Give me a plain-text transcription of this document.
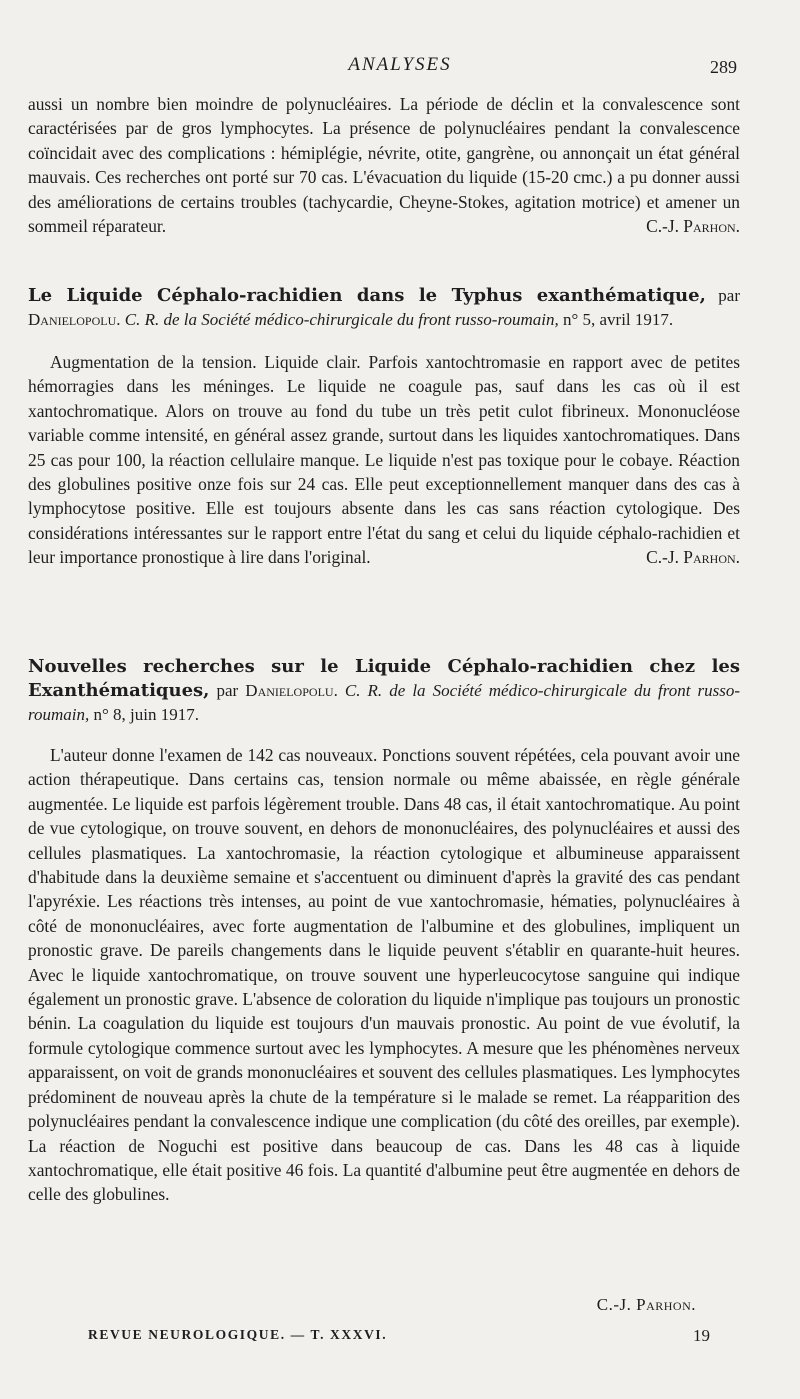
ANALYSES	289

aussi un nombre bien moindre de polynucléaires. La période de déclin et la convalescence sont caractérisées par de gros lymphocytes. La présence de polynucléaires pendant la convalescence coïncidait avec des complications : hémiplégie, névrite, otite, gangrène, ou annonçait un état général mauvais. Ces recherches ont porté sur 70 cas. L'évacuation du liquide (15-20 cmc.) a pu donner aussi des améliorations de certains troubles (tachycardie, Cheyne-Stokes, agitation motrice) et amener un sommeil réparateur.	C.-J. Parhon.

Le Liquide Céphalo-rachidien dans le Typhus exanthématique, par Danielopolu. C. R. de la Société médico-chirurgicale du front russo-roumain, n° 5, avril 1917.

Augmentation de la tension. Liquide clair. Parfois xantochtromasie en rapport avec de petites hémorragies dans les méninges. Le liquide ne coagule pas, sauf dans les cas où il est xantochromatique. Alors on trouve au fond du tube un très petit culot fibrineux. Mononucléose variable comme intensité, en général assez grande, surtout dans les liquides xantochromatiques. Dans 25 cas pour 100, la réaction cellulaire manque. Le liquide n'est pas toxique pour le cobaye. Réaction des globulines positive onze fois sur 24 cas. Elle peut exceptionnellement manquer dans des cas à lymphocytose positive. Elle est toujours absente dans les cas sans réaction cytologique. Des considérations intéressantes sur le rapport entre l'état du sang et celui du liquide céphalo-rachidien et leur importance pronostique à lire dans l'original.	C.-J. Parhon.

Nouvelles recherches sur le Liquide Céphalo-rachidien chez les Exanthématiques, par Danielopolu. C. R. de la Société médico-chirurgicale du front russo-roumain, n° 8, juin 1917.

L'auteur donne l'examen de 142 cas nouveaux. Ponctions souvent répétées, cela pouvant avoir une action thérapeutique. Dans certains cas, tension normale ou même abaissée, en règle générale augmentée. Le liquide est parfois légèrement trouble. Dans 48 cas, il était xantochromatique. Au point de vue cytologique, on trouve souvent, en dehors de mononucléaires, des polynucléaires et aussi des cellules plasmatiques. La xantochromasie, la réaction cytologique et albumineuse apparaissent d'habitude dans la deuxième semaine et s'accentuent ou diminuent d'après la gravité des cas pendant l'apyréxie. Les réactions très intenses, au point de vue xantochromasie, hématies, polynucléaires à côté de mononucléaires, avec forte augmentation de l'albumine et des globulines, impliquent un pronostic grave. De pareils changements dans le liquide peuvent s'établir en quarante-huit heures. Avec le liquide xantochromatique, on trouve souvent une hyperleucocytose sanguine qui indique également un pronostic grave. L'absence de coloration du liquide n'implique pas toujours un pronostic bénin. La coagulation du liquide est toujours d'un mauvais pronostic. Au point de vue évolutif, la formule cytologique commence surtout avec les lymphocytes. A mesure que les phénomènes nerveux apparaissent, on voit de grands mononucléaires et souvent des cellules plasmatiques. Les lymphocytes prédominent de nouveau après la chute de la température si le malade se remet. La réapparition des polynucléaires pendant la convalescence indique une complication (du côté des oreilles, par exemple). La réaction de Noguchi est positive dans beaucoup de cas. Dans les 48 cas à liquide xantochromatique, elle était positive 46 fois. La quantité d'albumine peut être augmentée en dehors de celle des globulines.

C.-J. Parhon.
REVUE NEUROLOGIQUE. — T. XXXVI.	19
